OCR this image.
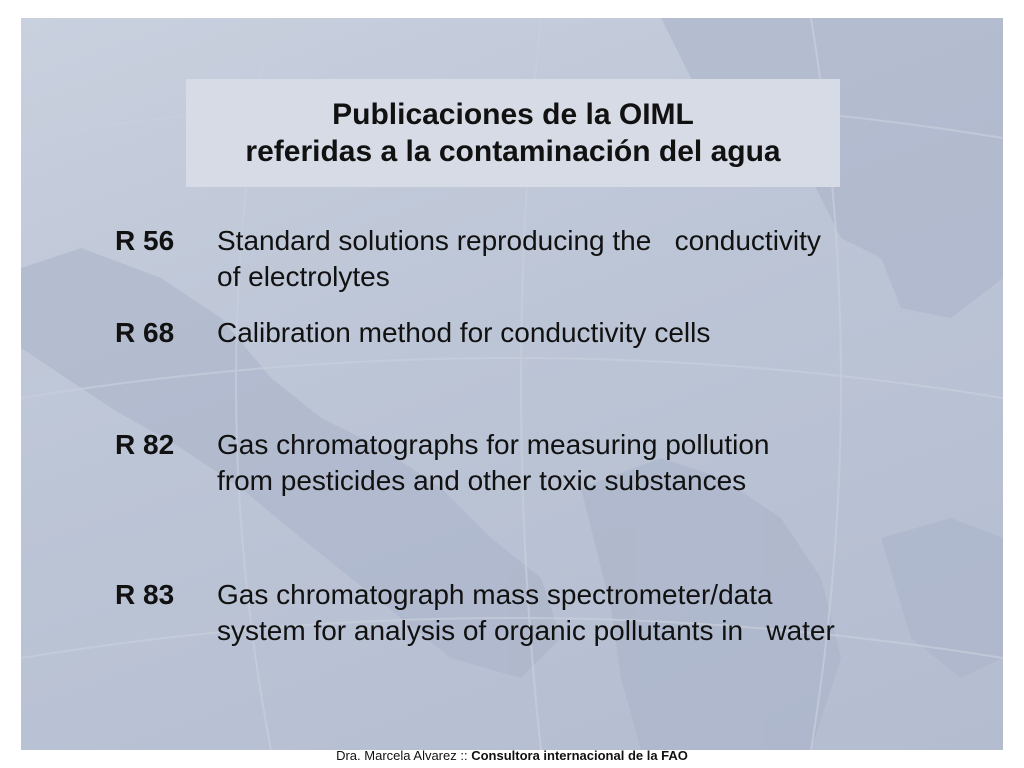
Publicaciones de la OIML
referidas a la contaminación del agua
R 56 Standard solutions reproducing the   conductivity
of electrolytes
R 68 Calibration method for conductivity cells
R 82 Gas chromatographs for measuring pollution
from pesticides and other toxic substances
R 83 Gas chromatograph mass spectrometer/data
system for analysis of organic pollutants in   water
Dra. Marcela Alvarez :: Consultora internacional de la FAO
